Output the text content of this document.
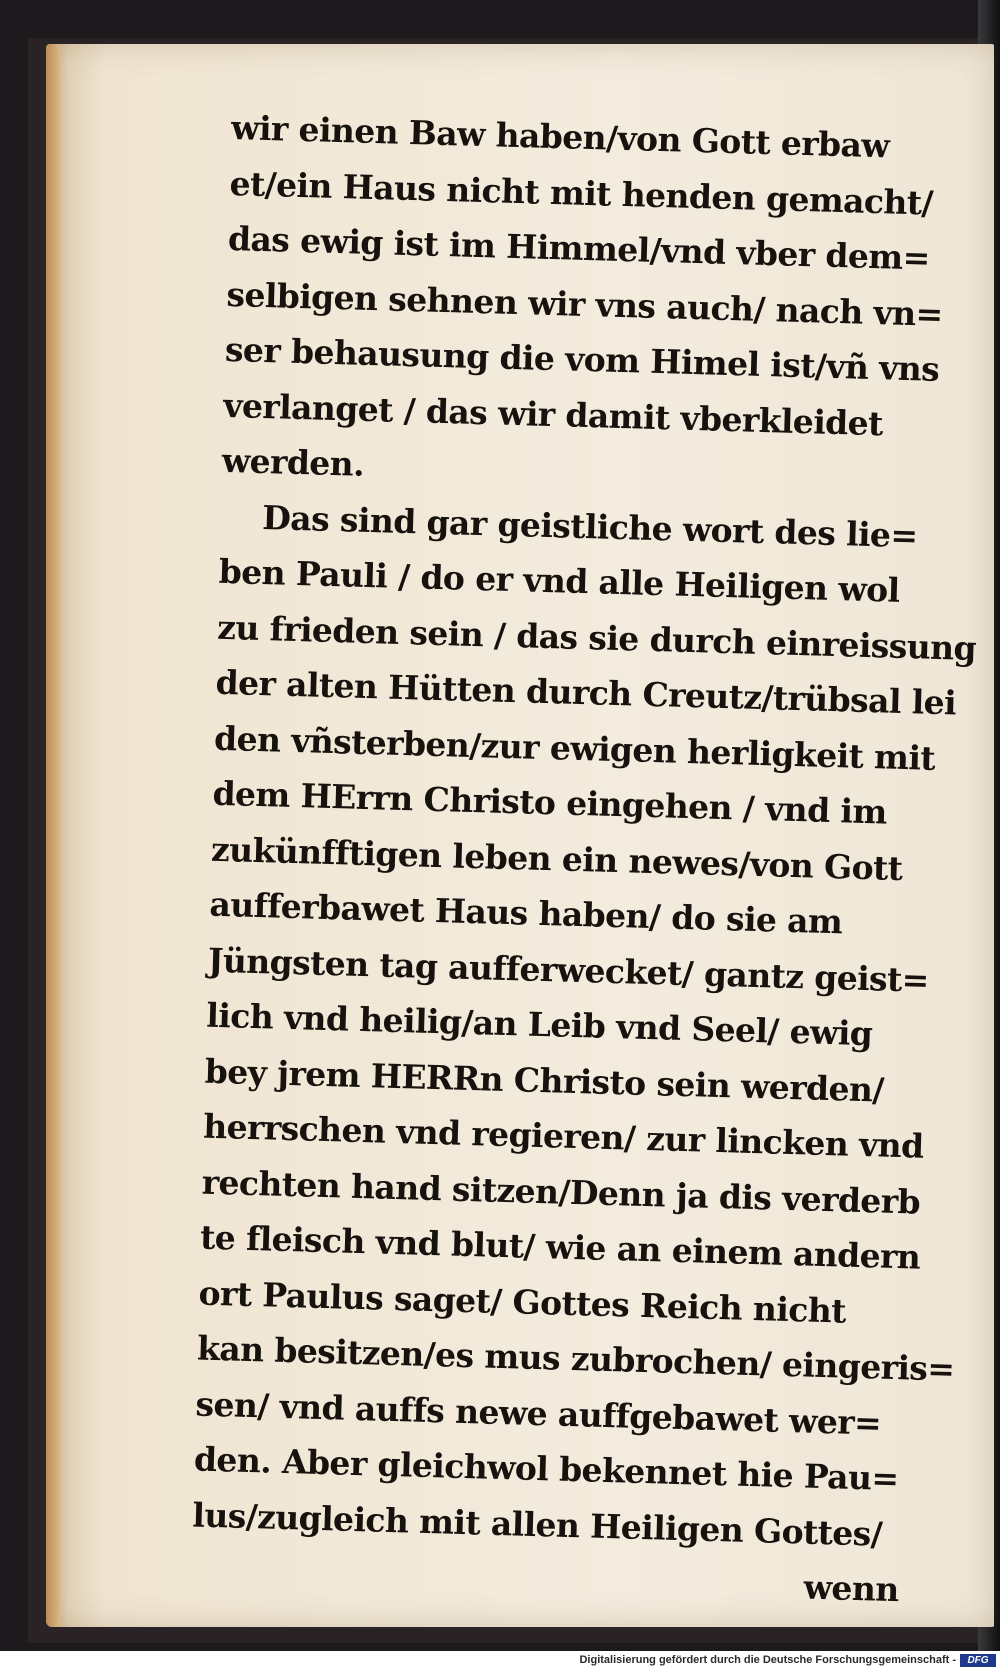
wir einen Baw haben/von Gott erbaw
et/ein Haus nicht mit henden gemacht/
das ewig ist im Himmel/vnd vber dem=
selbigen sehnen wir vns auch/ nach vn=
ser behausung die vom Himel ist/vñ vns
verlanget / das wir damit vberkleidet
werden.
Das sind gar geistliche wort des lie=
ben Pauli / do er vnd alle Heiligen wol
zu frieden sein / das sie durch einreissung
der alten Hütten durch Creutz/trübsal lei
den vñsterben/zur ewigen herligkeit mit
dem HErrn Christo eingehen / vnd im
zukünfftigen leben ein newes/von Gott
aufferbawet Haus haben/ do sie am
Jüngsten tag aufferwecket/ gantz geist=
lich vnd heilig/an Leib vnd Seel/ ewig
bey jrem HERRn Christo sein werden/
herrschen vnd regieren/ zur lincken vnd
rechten hand sitzen/Denn ja dis verderb
te fleisch vnd blut/ wie an einem andern
ort Paulus saget/ Gottes Reich nicht
kan besitzen/es mus zubrochen/ eingeris=
sen/ vnd auffs newe auffgebawet wer=
den. Aber gleichwol bekennet hie Pau=
lus/zugleich mit allen Heiligen Gottes/
wenn
Digitalisierung gefördert durch die Deutsche Forschungsgemeinschaft -	DFG
